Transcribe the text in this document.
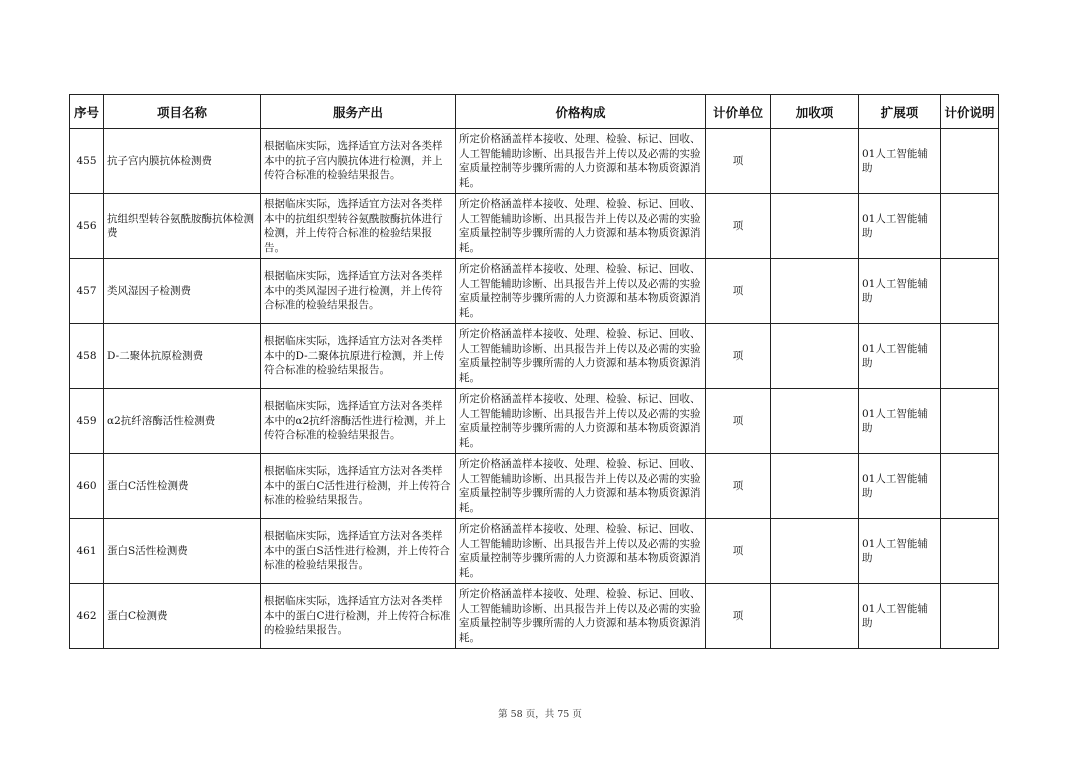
序号	项目名称	服务产出	价格构成	计价单位	加收项	扩展项	计价说明
455	抗子宫内膜抗体检测费	根据临床实际，选择适宜方法对各类样本中的抗子宫内膜抗体进行检测，并上传符合标准的检验结果报告。	所定价格涵盖样本接收、处理、检验、标记、回收、人工智能辅助诊断、出具报告并上传以及必需的实验室质量控制等步骤所需的人力资源和基本物质资源消耗。	项		01人工智能辅助	
456	抗组织型转谷氨酰胺酶抗体检测费	根据临床实际，选择适宜方法对各类样本中的抗组织型转谷氨酰胺酶抗体进行检测，并上传符合标准的检验结果报告。	所定价格涵盖样本接收、处理、检验、标记、回收、人工智能辅助诊断、出具报告并上传以及必需的实验室质量控制等步骤所需的人力资源和基本物质资源消耗。	项		01人工智能辅助	
457	类风湿因子检测费	根据临床实际，选择适宜方法对各类样本中的类风湿因子进行检测，并上传符合标准的检验结果报告。	所定价格涵盖样本接收、处理、检验、标记、回收、人工智能辅助诊断、出具报告并上传以及必需的实验室质量控制等步骤所需的人力资源和基本物质资源消耗。	项		01人工智能辅助	
458	D-二聚体抗原检测费	根据临床实际，选择适宜方法对各类样本中的D-二聚体抗原进行检测，并上传符合标准的检验结果报告。	所定价格涵盖样本接收、处理、检验、标记、回收、人工智能辅助诊断、出具报告并上传以及必需的实验室质量控制等步骤所需的人力资源和基本物质资源消耗。	项		01人工智能辅助	
459	α2抗纤溶酶活性检测费	根据临床实际，选择适宜方法对各类样本中的α2抗纤溶酶活性进行检测，并上传符合标准的检验结果报告。	所定价格涵盖样本接收、处理、检验、标记、回收、人工智能辅助诊断、出具报告并上传以及必需的实验室质量控制等步骤所需的人力资源和基本物质资源消耗。	项		01人工智能辅助	
460	蛋白C活性检测费	根据临床实际，选择适宜方法对各类样本中的蛋白C活性进行检测，并上传符合标准的检验结果报告。	所定价格涵盖样本接收、处理、检验、标记、回收、人工智能辅助诊断、出具报告并上传以及必需的实验室质量控制等步骤所需的人力资源和基本物质资源消耗。	项		01人工智能辅助	
461	蛋白S活性检测费	根据临床实际，选择适宜方法对各类样本中的蛋白S活性进行检测，并上传符合标准的检验结果报告。	所定价格涵盖样本接收、处理、检验、标记、回收、人工智能辅助诊断、出具报告并上传以及必需的实验室质量控制等步骤所需的人力资源和基本物质资源消耗。	项		01人工智能辅助	
462	蛋白C检测费	根据临床实际，选择适宜方法对各类样本中的蛋白C进行检测，并上传符合标准的检验结果报告。	所定价格涵盖样本接收、处理、检验、标记、回收、人工智能辅助诊断、出具报告并上传以及必需的实验室质量控制等步骤所需的人力资源和基本物质资源消耗。	项		01人工智能辅助	
第 58 页，共 75 页
